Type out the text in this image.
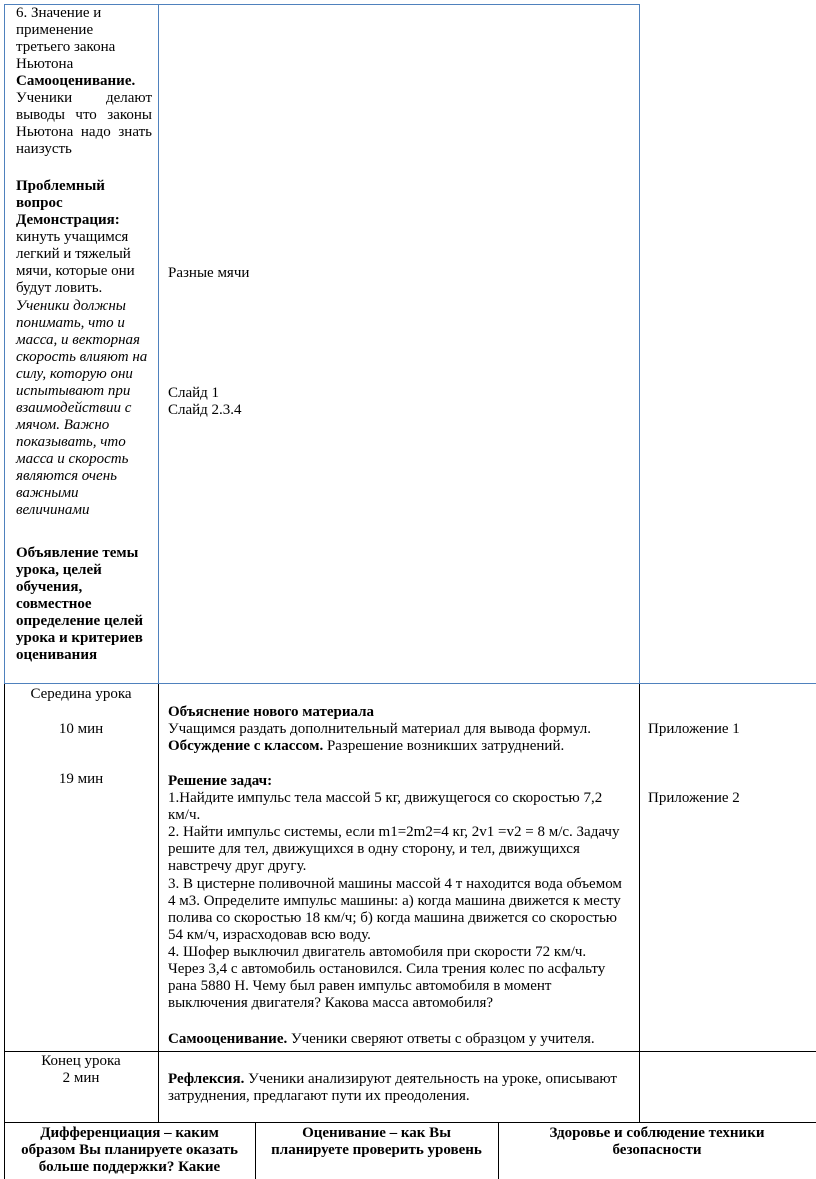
6. Значение и
применение
третьего закона
Ньютона
Самооценивание.
Ученики делают
выводы что законы
Ньютона надо знать
наизусть
Проблемный
вопрос
Демонстрация:
кинуть учащимся
легкий и тяжелый
мячи, которые они
будут ловить.
Ученики должны
понимать, что и
масса, и векторная
скорость влияют на
силу, которую они
испытывают при
взаимодействии с
мячом. Важно
показывать, что
масса и скорость
являются очень
важными
величинами
Объявление темы
урока, целей
обучения,
совместное
определение целей
урока и критериев
оценивания
Разные мячи
Слайд 1
Слайд 2.3.4
Середина урока
10 мин
19 мин
Объяснение нового материала
Учащимся раздать дополнительный материал для вывода формул.
Обсуждение с классом. Разрешение возникших затруднений.
Решение задач:
1.Найдите импульс тела массой 5 кг, движущегося со скоростью 7,2
км/ч.
2. Найти импульс системы, если m1=2m2=4 кг, 2v1 =v2 = 8 м/с. Задачу
решите для тел, движущихся в одну сторону, и тел, движущихся
навстречу друг другу.
3. В цистерне поливочной машины массой 4 т находится вода объемом
4 м3. Определите импульс машины: а) когда машина движется к месту
полива со скоростью 18 км/ч; б) когда машина движется со скоростью
54 км/ч, израсходовав всю воду.
4. Шофер выключил двигатель автомобиля при скорости 72 км/ч.
Через 3,4 с автомобиль остановился. Сила трения колес по асфальту
рана 5880 Н. Чему был равен импульс автомобиля в момент
выключения двигателя? Какова масса автомобиля?
Самооценивание. Ученики сверяют ответы с образцом у учителя.
Приложение 1
Приложение 2
Конец урока
2 мин	Рефлексия. Ученики анализируют деятельность на уроке, описывают
затруднения, предлагают пути их преодоления.
Дифференциация – каким
образом Вы планируете оказать
больше поддержки? Какие
Оценивание – как Вы
планируете проверить уровень
Здоровье и соблюдение техники
безопасности
